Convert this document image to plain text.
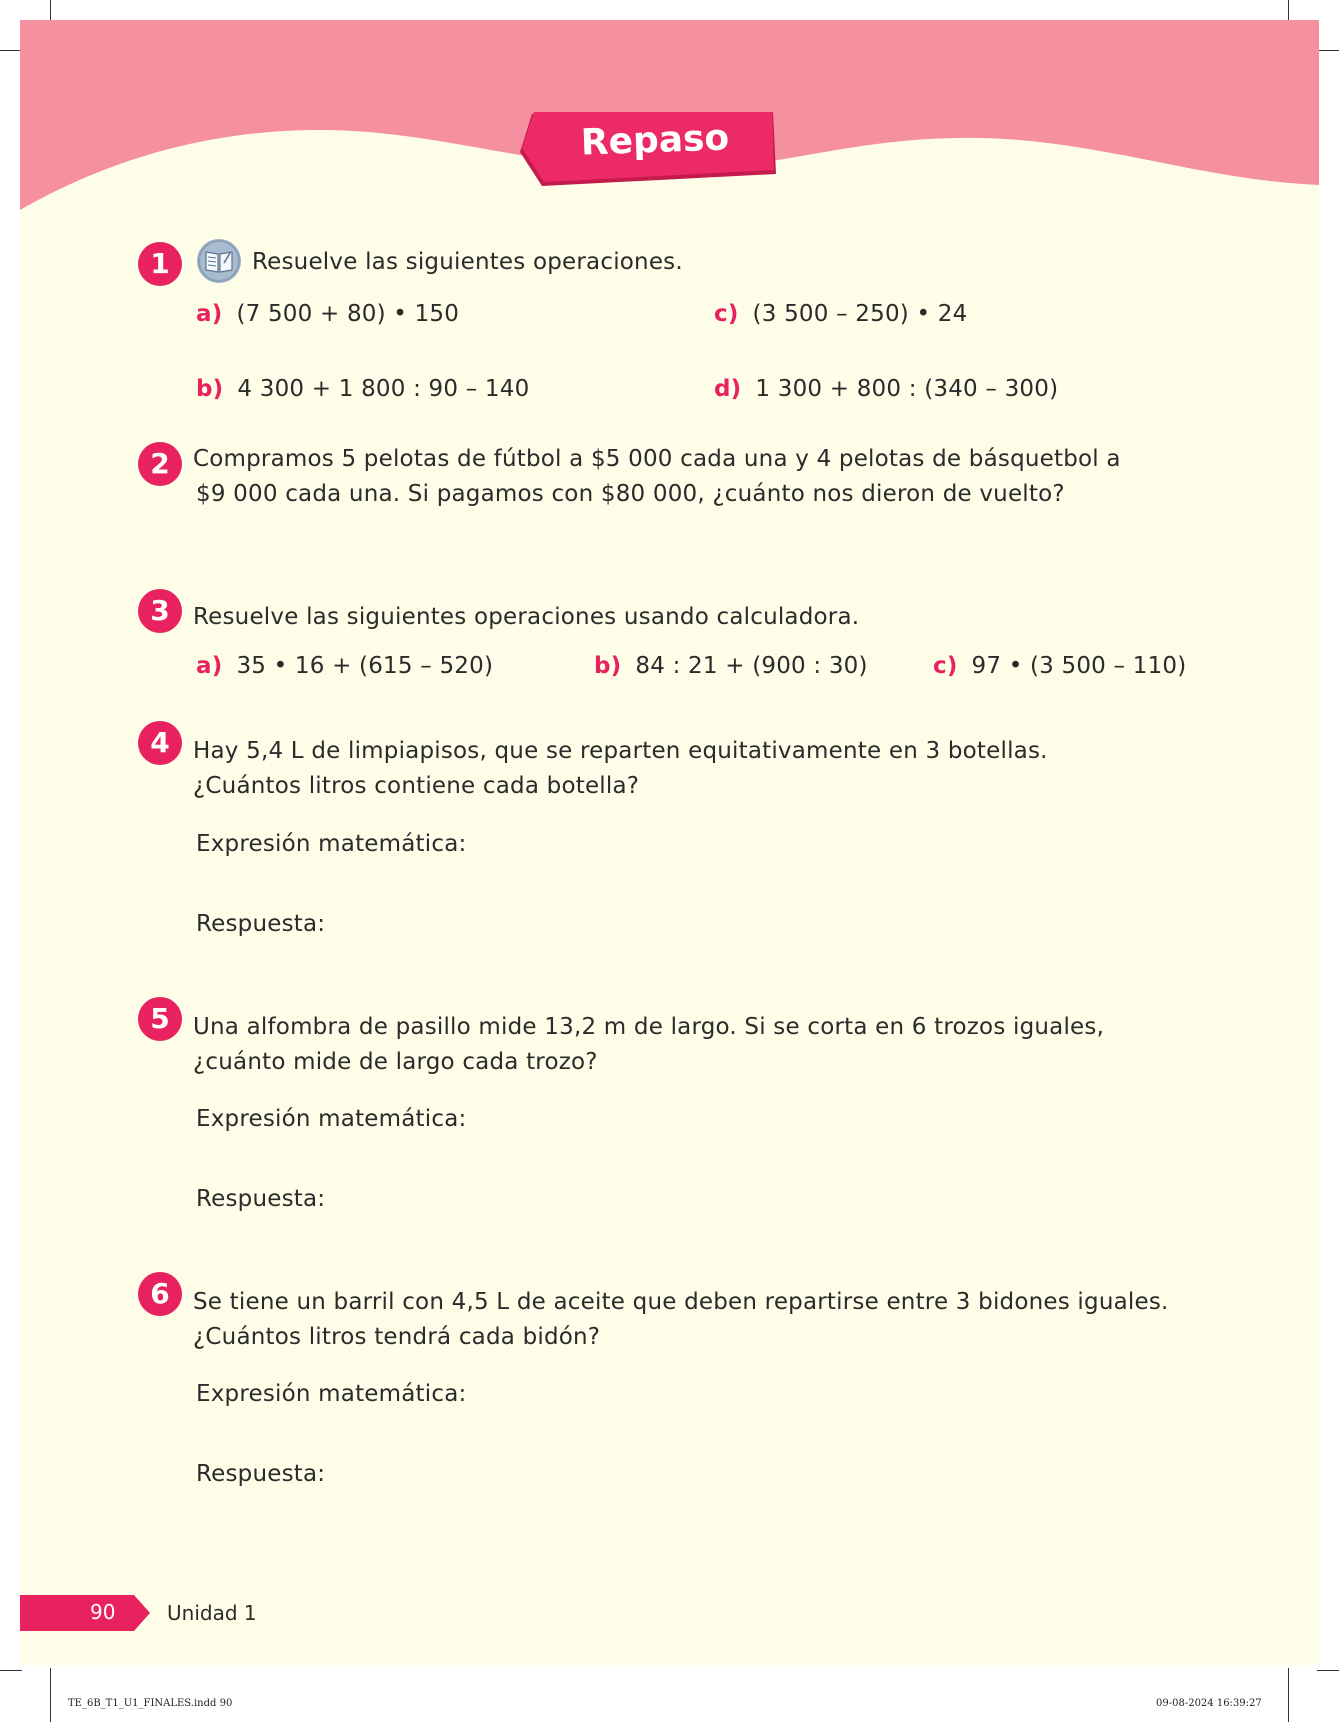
Repaso
1	Resuelve las siguientes operaciones.
a) (7 500 + 80) • 150	c) (3 500 – 250) • 24
b) 4 300 + 1 800 : 90 – 140	d) 1 300 + 800 : (340 – 300)
2	Compramos 5 pelotas de fútbol a $5 000 cada una y 4 pelotas de básquetbol a
$9 000 cada una. Si pagamos con $80 000, ¿cuánto nos dieron de vuelto?
3	Resuelve las siguientes operaciones usando calculadora.
a) 35 • 16 + (615 – 520)	b) 84 : 21 + (900 : 30)	c) 97 • (3 500 – 110)
4	Hay 5,4 L de limpiapisos, que se reparten equitativamente en 3 botellas.
¿Cuántos litros contiene cada botella?
Expresión matemática:
Respuesta:
5	Una alfombra de pasillo mide 13,2 m de largo. Si se corta en 6 trozos iguales,
¿cuánto mide de largo cada trozo?
Expresión matemática:
Respuesta:
6	Se tiene un barril con 4,5 L de aceite que deben repartirse entre 3 bidones iguales.
¿Cuántos litros tendrá cada bidón?
Expresión matemática:
Respuesta:
90	Unidad 1
TE_6B_T1_U1_FINALES.indd 90	09-08-2024 16:39:27
